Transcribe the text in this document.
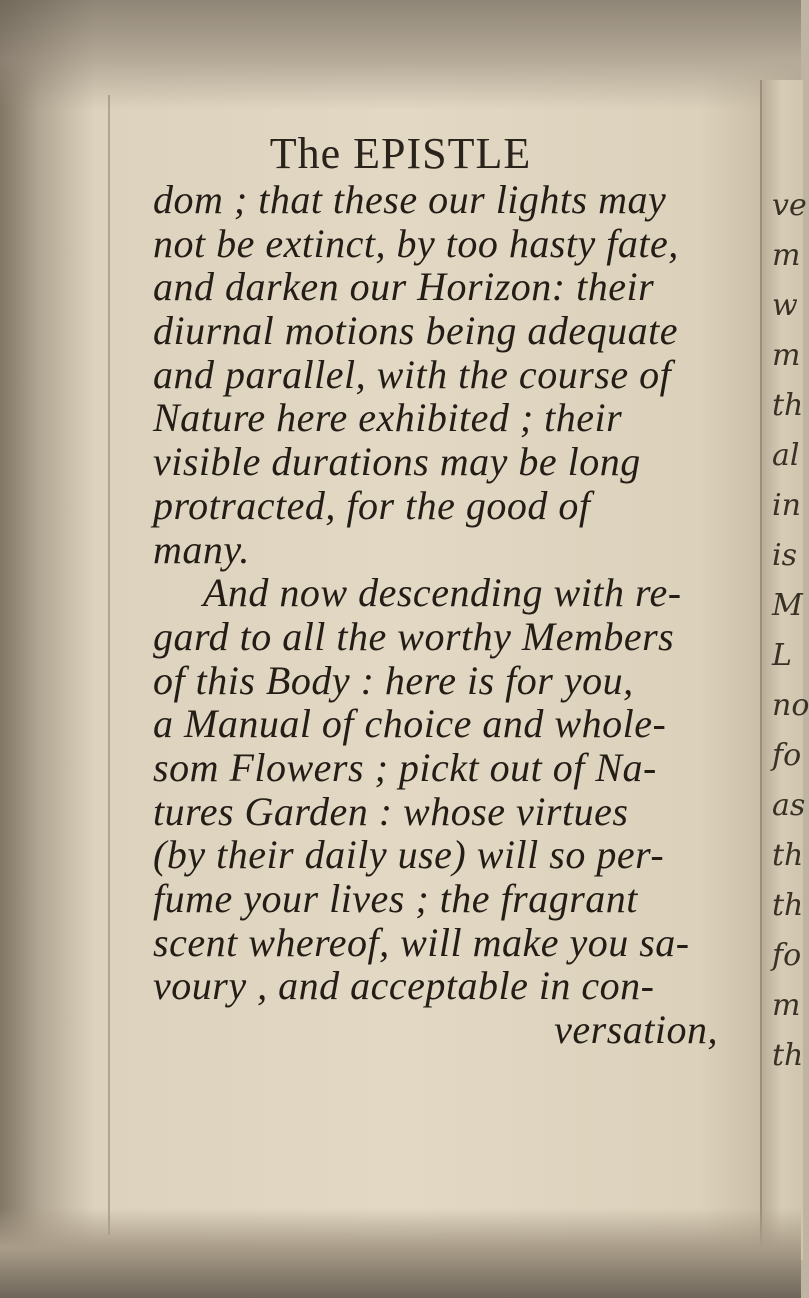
ve
m
w
m
th
al
in
is
M
L
no
fo
as
th
th
fo
m
th
The EPISTLE
dom ; that these our lights may
not be extinct, by too hasty fate,
and darken our Horizon: their
diurnal motions being adequate
and parallel, with the course of
Nature here exhibited ; their
visible durations may be long
protracted, for the good of
many.
And now descending with re-
gard to all the worthy Members
of this Body : here is for you,
a Manual of choice and whole-
som Flowers ; pickt out of Na-
tures Garden : whose virtues
(by their daily use) will so per-
fume your lives ; the fragrant
scent whereof, will make you sa-
voury , and acceptable in con-
versation,
